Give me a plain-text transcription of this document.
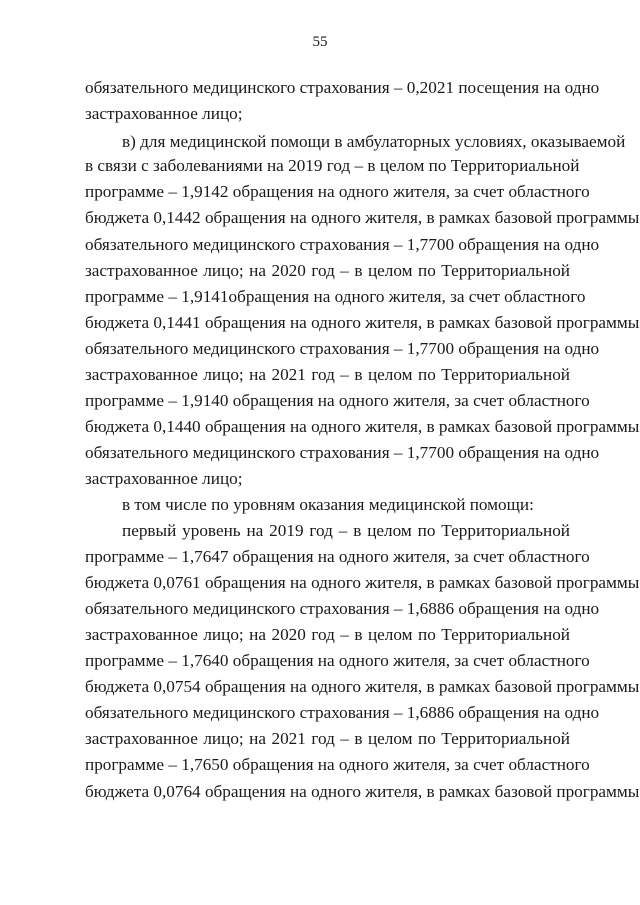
55
обязательного медицинского страхования – 0,2021 посещения на одно
застрахованное лицо;
в) для медицинской помощи в амбулаторных условиях, оказываемой
в связи с заболеваниями на 2019 год – в целом по Территориальной
программе – 1,9142 обращения на одного жителя, за счет областного
бюджета 0,1442 обращения на одного жителя, в рамках базовой программы
обязательного медицинского страхования – 1,7700 обращения на одно
застрахованное лицо; на 2020 год – в целом по Территориальной
программе – 1,9141обращения на одного жителя, за счет областного
бюджета 0,1441 обращения на одного жителя, в рамках базовой программы
обязательного медицинского страхования – 1,7700 обращения на одно
застрахованное лицо; на 2021 год – в целом по Территориальной
программе – 1,9140 обращения на одного жителя, за счет областного
бюджета 0,1440 обращения на одного жителя, в рамках базовой программы
обязательного медицинского страхования – 1,7700 обращения на одно
застрахованное лицо;
в том числе по уровням оказания медицинской помощи:
первый уровень на 2019 год – в целом по Территориальной
программе – 1,7647 обращения на одного жителя, за счет областного
бюджета 0,0761 обращения на одного жителя, в рамках базовой программы
обязательного медицинского страхования – 1,6886 обращения на одно
застрахованное лицо; на 2020 год – в целом по Территориальной
программе – 1,7640 обращения на одного жителя, за счет областного
бюджета 0,0754 обращения на одного жителя, в рамках базовой программы
обязательного медицинского страхования – 1,6886 обращения на одно
застрахованное лицо; на 2021 год – в целом по Территориальной
программе – 1,7650 обращения на одного жителя, за счет областного
бюджета 0,0764 обращения на одного жителя, в рамках базовой программы
